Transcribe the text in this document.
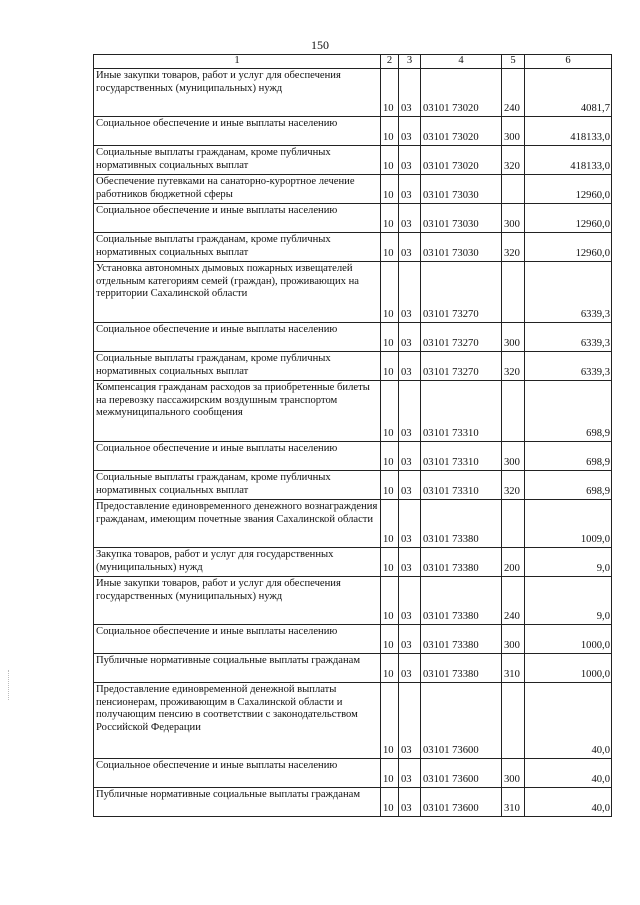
150
1	2	3	4	5	6
Иные закупки товаров, работ и услуг для обеспечения государственных (муниципальных) нужд	10	03	03101 73020	240	4081,7
Социальное обеспечение и иные выплаты населению	10	03	03101 73020	300	418133,0
Социальные выплаты гражданам, кроме публичных нормативных социальных выплат	10	03	03101 73020	320	418133,0
Обеспечение путевками на санаторно-курортное лечение работников бюджетной сферы	10	03	03101 73030		12960,0
Социальное обеспечение и иные выплаты населению	10	03	03101 73030	300	12960,0
Социальные выплаты гражданам, кроме публичных нормативных социальных выплат	10	03	03101 73030	320	12960,0
Установка автономных дымовых пожарных извещателей отдельным категориям семей (граждан), проживающих на территории Сахалинской области	10	03	03101 73270		6339,3
Социальное обеспечение и иные выплаты населению	10	03	03101 73270	300	6339,3
Социальные выплаты гражданам, кроме публичных нормативных социальных выплат	10	03	03101 73270	320	6339,3
Компенсация гражданам расходов за приобретенные билеты на перевозку пассажирским воздушным транспортом межмуниципального сообщения	10	03	03101 73310		698,9
Социальное обеспечение и иные выплаты населению	10	03	03101 73310	300	698,9
Социальные выплаты гражданам, кроме публичных нормативных социальных выплат	10	03	03101 73310	320	698,9
Предоставление единовременного денежного вознаграждения гражданам, имеющим почетные звания Сахалинской области	10	03	03101 73380		1009,0
Закупка товаров, работ и услуг для государственных (муниципальных) нужд	10	03	03101 73380	200	9,0
Иные закупки товаров, работ и услуг для обеспечения государственных (муниципальных) нужд	10	03	03101 73380	240	9,0
Социальное обеспечение и иные выплаты населению	10	03	03101 73380	300	1000,0
Публичные нормативные социальные выплаты гражданам	10	03	03101 73380	310	1000,0
Предоставление единовременной денежной выплаты пенсионерам, проживающим в Сахалинской области и получающим пенсию в соответствии с законодательством Российской Федерации	10	03	03101 73600		40,0
Социальное обеспечение и иные выплаты населению	10	03	03101 73600	300	40,0
Публичные нормативные социальные выплаты гражданам	10	03	03101 73600	310	40,0
